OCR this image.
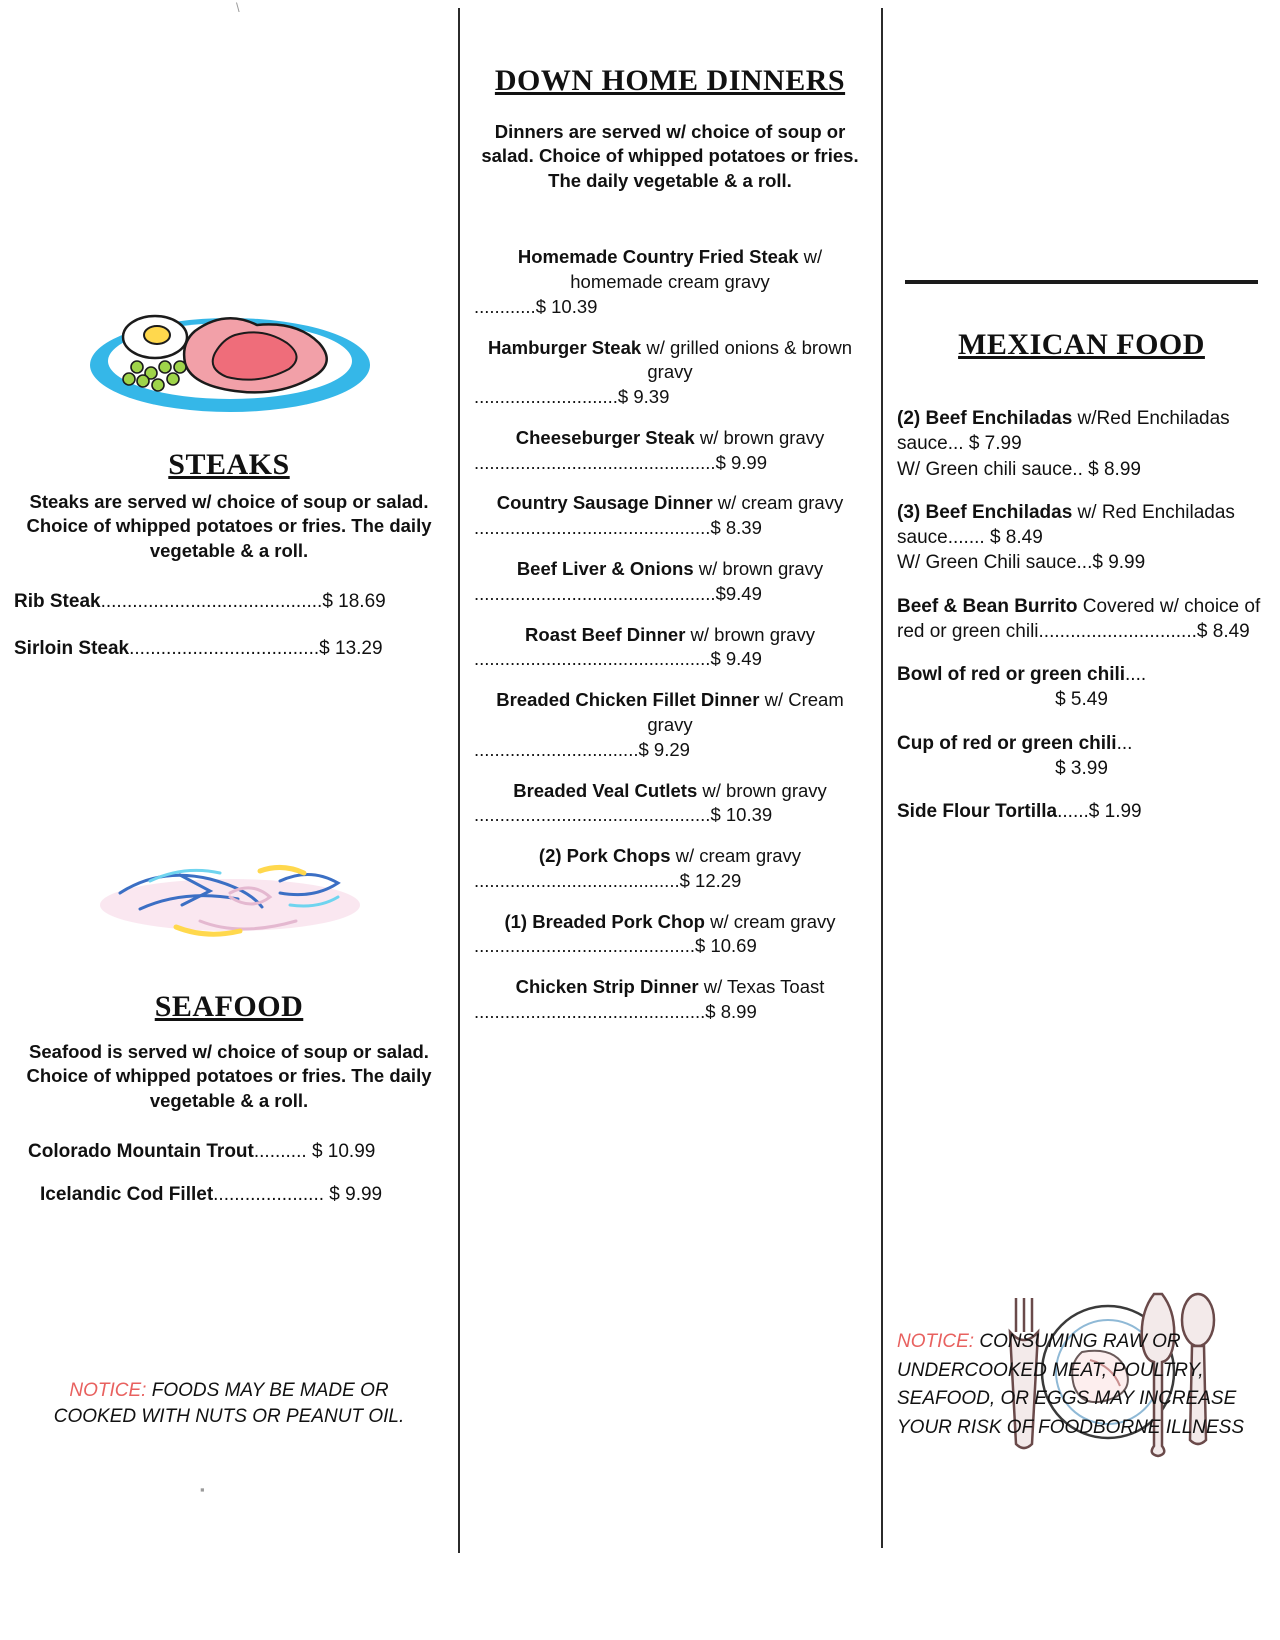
STEAKS

Steaks are served w/ choice of soup or salad. Choice of whipped potatoes or fries. The daily vegetable & a roll.

Rib Steak..........................................$ 18.69
Sirloin Steak....................................$ 13.29
SEAFOOD

Seafood is served w/ choice of soup or salad. Choice of whipped potatoes or fries. The daily vegetable & a roll.

Colorado Mountain Trout.......... $ 10.99
Icelandic Cod Fillet..................... $ 9.99

NOTICE: FOODS MAY BE MADE OR COOKED WITH NUTS OR PEANUT OIL.

▪
DOWN HOME DINNERS

Dinners are served w/ choice of soup or salad. Choice of whipped potatoes or fries. The daily vegetable & a roll.

Homemade Country Fried Steak w/ homemade cream gravy
............$ 10.39
Hamburger Steak w/ grilled onions & brown gravy
............................$ 9.39
Cheeseburger Steak w/ brown gravy
...............................................$ 9.99
Country Sausage Dinner w/ cream gravy
..............................................$ 8.39
Beef Liver & Onions w/ brown gravy
...............................................$9.49
Roast Beef Dinner w/ brown gravy
..............................................$ 9.49
Breaded Chicken Fillet Dinner w/ Cream gravy
................................$ 9.29
Breaded Veal Cutlets w/ brown gravy
..............................................$ 10.39
(2) Pork Chops w/ cream gravy
........................................$ 12.29
(1) Breaded Pork Chop w/ cream gravy
...........................................$ 10.69
Chicken Strip Dinner w/ Texas Toast
.............................................$ 8.99
MEXICAN FOOD
(2) Beef Enchiladas w/Red Enchiladas sauce... $ 7.99
W/ Green chili sauce.. $ 8.99
(3) Beef Enchiladas w/ Red Enchiladas sauce....... $ 8.49
W/ Green Chili sauce...$ 9.99
Beef & Bean Burrito Covered w/ choice of red or green chili..............................$ 8.49
Bowl of red or green chili....
$ 5.49
Cup of red or green chili...
$ 3.99
Side Flour Tortilla......$ 1.99

NOTICE: CONSUMING RAW OR UNDERCOOKED MEAT, POULTRY, SEAFOOD, OR EGGS MAY INCREASE YOUR RISK OF FOODBORNE ILLNESS

\
